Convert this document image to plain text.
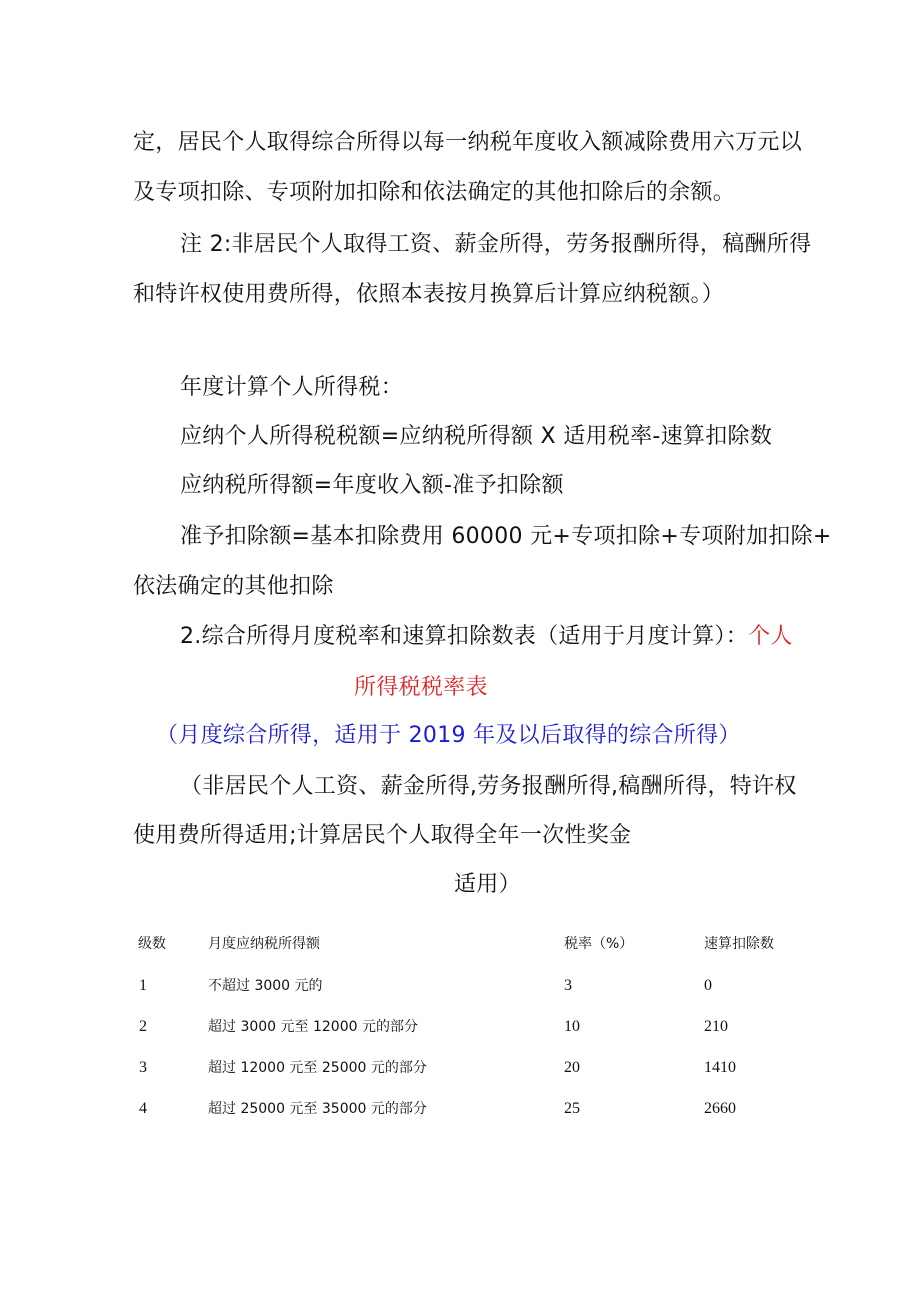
定，居民个人取得综合所得以每一纳税年度收入额减除费用六万元以
及专项扣除、专项附加扣除和依法确定的其他扣除后的余额。
注 2:非居民个人取得工资、薪金所得，劳务报酬所得，稿酬所得
和特许权使用费所得，依照本表按月换算后计算应纳税额。）
年度计算个人所得税：
应纳个人所得税税额=应纳税所得额 X 适用税率-速算扣除数
应纳税所得额=年度收入额-准予扣除额
准予扣除额=基本扣除费用 60000 元+专项扣除+专项附加扣除+
依法确定的其他扣除
2.综合所得月度税率和速算扣除数表（适用于月度计算）：个人
所得税税率表
（月度综合所得，适用于 2019 年及以后取得的综合所得）
（非居民个人工资、薪金所得,劳务报酬所得,稿酬所得，特许权
使用费所得适用;计算居民个人取得全年一次性奖金
适用）
级数	月度应纳税所得额	税率（%）	速算扣除数
1	不超过 3000 元的	3	0
2	超过 3000 元至 12000 元的部分	10	210
3	超过 12000 元至 25000 元的部分	20	1410
4	超过 25000 元至 35000 元的部分	25	2660
